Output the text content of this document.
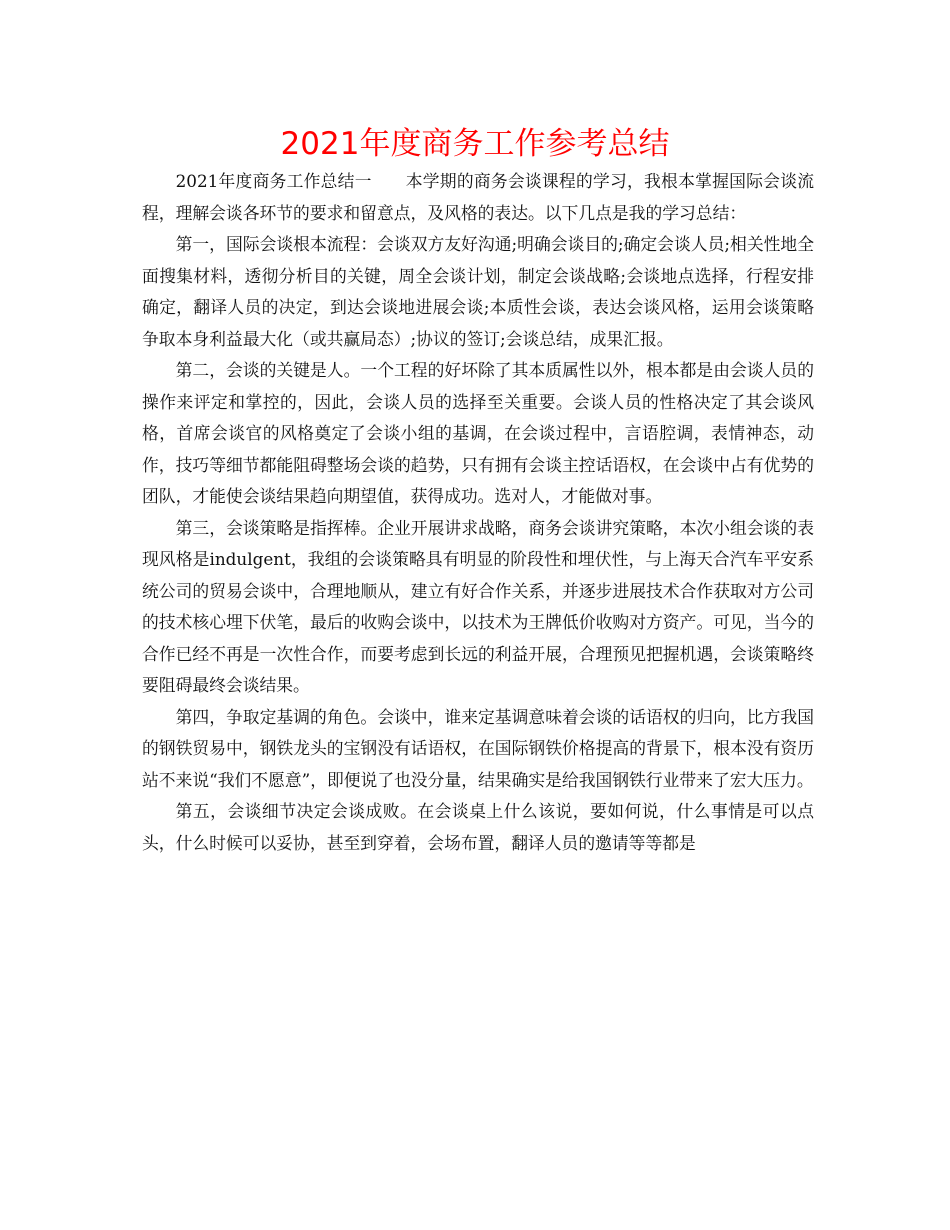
2021年度商务工作参考总结

2021年度商务工作总结一　　本学期的商务会谈课程的学习，我根本掌握国际会谈流程，理解会谈各环节的要求和留意点，及风格的表达。以下几点是我的学习总结：

第一，国际会谈根本流程：会谈双方友好沟通;明确会谈目的;确定会谈人员;相关性地全面搜集材料，透彻分析目的关键，周全会谈计划，制定会谈战略;会谈地点选择，行程安排确定，翻译人员的决定，到达会谈地进展会谈;本质性会谈，表达会谈风格，运用会谈策略争取本身利益最大化（或共赢局态）;协议的签订;会谈总结，成果汇报。

第二，会谈的关键是人。一个工程的好坏除了其本质属性以外，根本都是由会谈人员的操作来评定和掌控的，因此，会谈人员的选择至关重要。会谈人员的性格决定了其会谈风格，首席会谈官的风格奠定了会谈小组的基调，在会谈过程中，言语腔调，表情神态，动作，技巧等细节都能阻碍整场会谈的趋势，只有拥有会谈主控话语权，在会谈中占有优势的团队，才能使会谈结果趋向期望值，获得成功。选对人，才能做对事。

第三，会谈策略是指挥棒。企业开展讲求战略，商务会谈讲究策略，本次小组会谈的表现风格是indulgent，我组的会谈策略具有明显的阶段性和埋伏性，与上海天合汽车平安系统公司的贸易会谈中，合理地顺从，建立有好合作关系，并逐步进展技术合作获取对方公司的技术核心埋下伏笔，最后的收购会谈中，以技术为王牌低价收购对方资产。可见，当今的合作已经不再是一次性合作，而要考虑到长远的利益开展，合理预见把握机遇，会谈策略终要阻碍最终会谈结果。

第四，争取定基调的角色。会谈中，谁来定基调意味着会谈的话语权的归向，比方我国的钢铁贸易中，钢铁龙头的宝钢没有话语权，在国际钢铁价格提高的背景下，根本没有资历站不来说“我们不愿意”，即便说了也没分量，结果确实是给我国钢铁行业带来了宏大压力。

第五，会谈细节决定会谈成败。在会谈桌上什么该说，要如何说，什么事情是可以点头，什么时候可以妥协，甚至到穿着，会场布置，翻译人员的邀请等等都是
